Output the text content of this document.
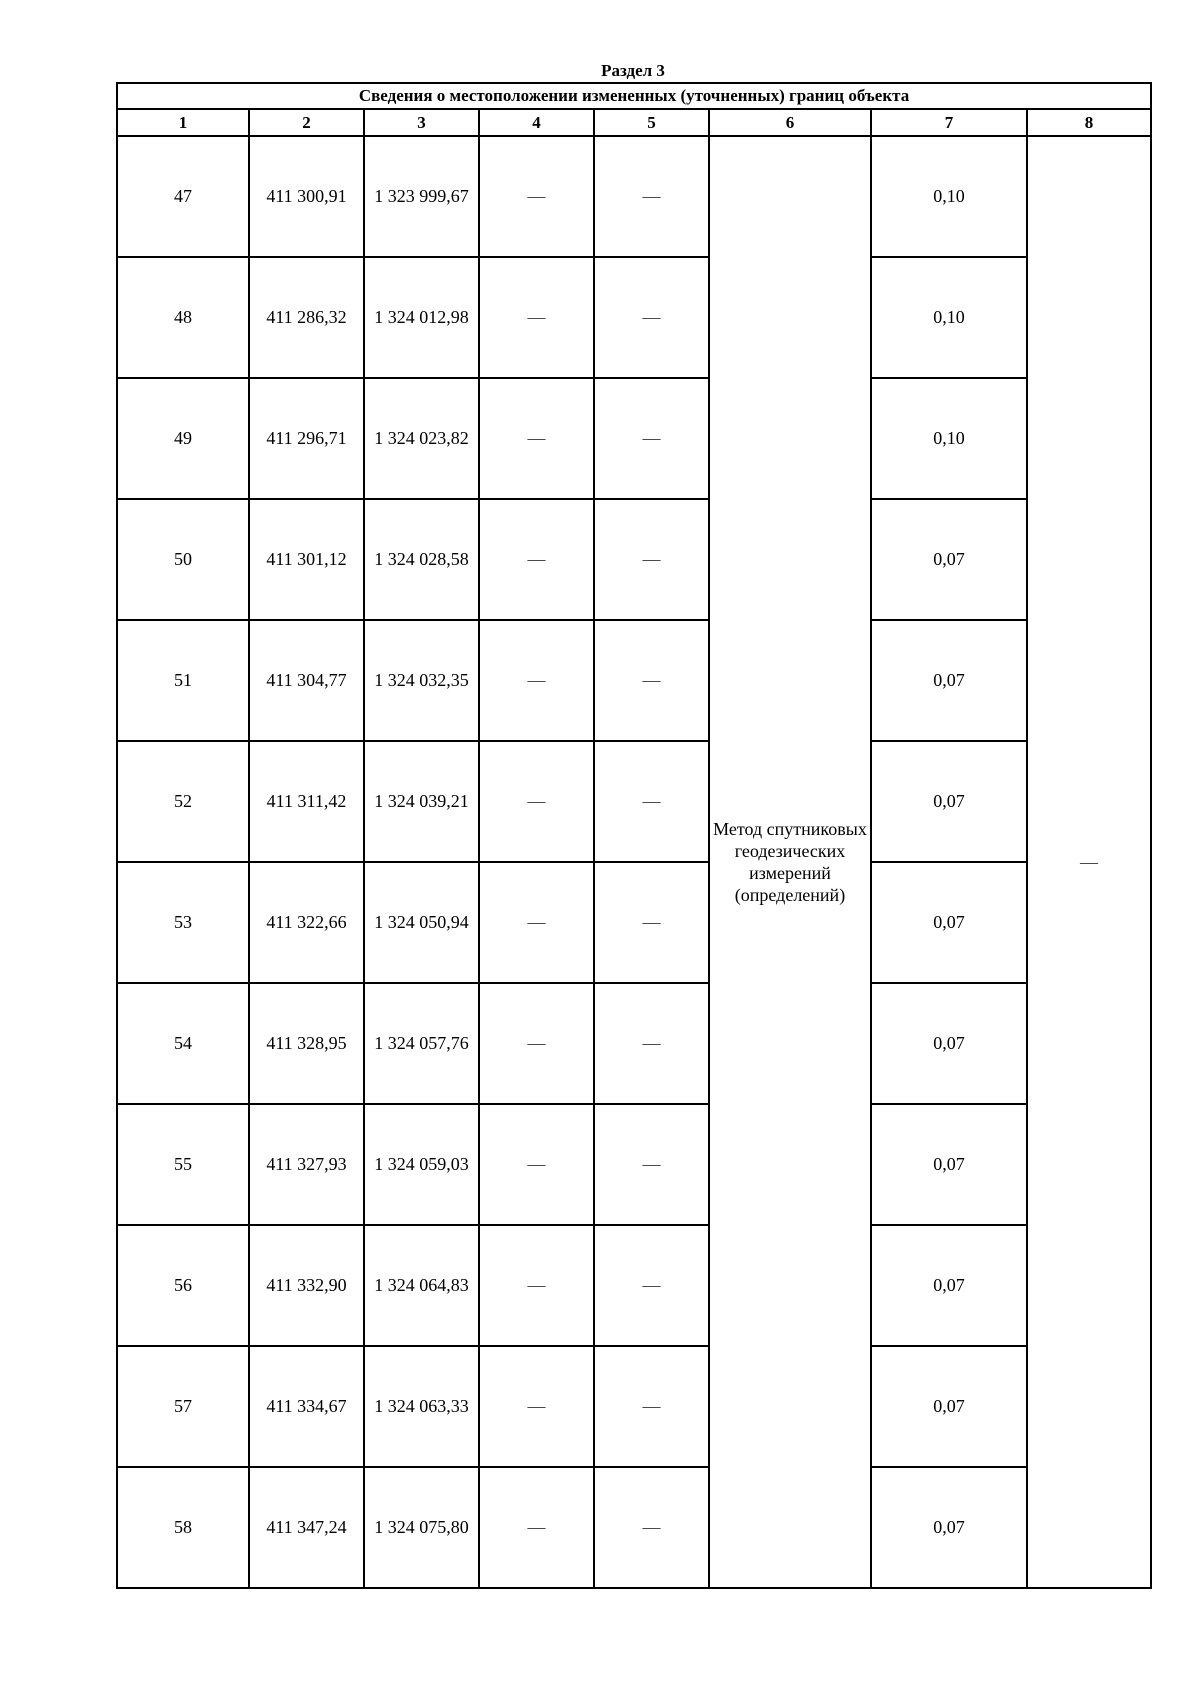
Раздел 3
Сведения о местоположении измененных (уточненных) границ объекта							
1	2	3	4	5	6	7	8
47	411 300,91	1 323 999,67	—	—	Метод спутниковых геодезических измерений (определений)	0,10	—
48	411 286,32	1 324 012,98	—	—		0,10	
49	411 296,71	1 324 023,82	—	—		0,10	
50	411 301,12	1 324 028,58	—	—		0,07	
51	411 304,77	1 324 032,35	—	—		0,07	
52	411 311,42	1 324 039,21	—	—		0,07	
53	411 322,66	1 324 050,94	—	—		0,07	
54	411 328,95	1 324 057,76	—	—		0,07	
55	411 327,93	1 324 059,03	—	—		0,07	
56	411 332,90	1 324 064,83	—	—		0,07	
57	411 334,67	1 324 063,33	—	—		0,07	
58	411 347,24	1 324 075,80	—	—		0,07	
